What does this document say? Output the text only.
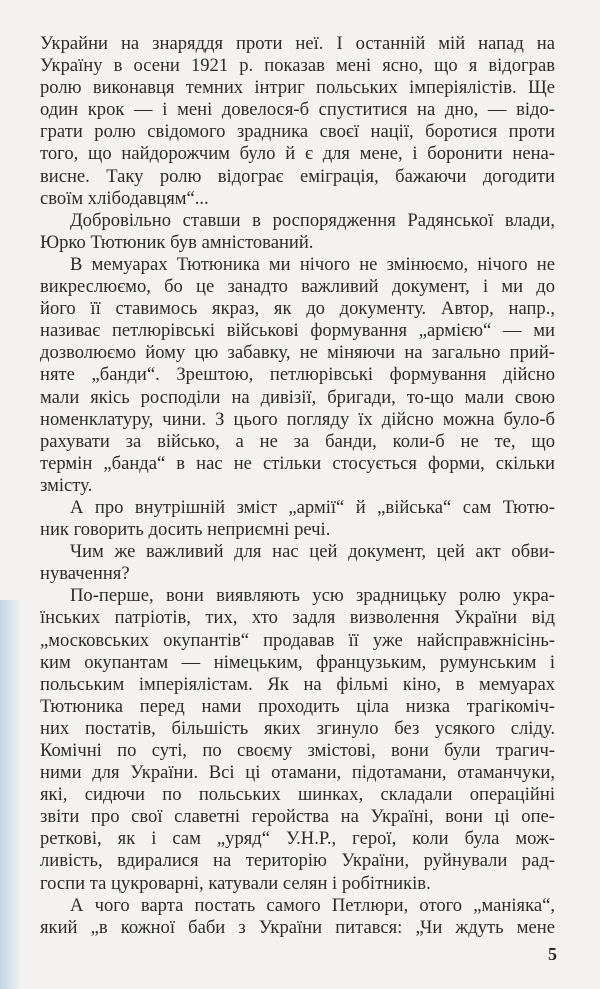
Украйни на знаряддя проти неї. І останній мій напад на
Україну в осени 1921 р. показав мені ясно, що я відограв
ролю виконавця темних інтриг польських імперіялістів. Ще
один крок — і мені довелося-б спуститися на дно, — відо-
грати ролю свідомого зрадника своєї нації, боротися проти
того, що найдорожчим було й є для мене, і боронити нена-
висне. Таку ролю відограє еміграція, бажаючи догодити
своїм хлібодавцям“...
Добровільно ставши в роспорядження Радянської влади,
Юрко Тютюник був амністований.
В мемуарах Тютюника ми нічого не змінюємо, нічого не
викреслюємо, бо це занадто важливий документ, і ми до
його її ставимось якраз, як до документу. Автор, напр.,
називає петлюрівські військові формування „армією“ — ми
дозволюємо йому цю забавку, не міняючи на загально прий-
няте „банди“. Зрештою, петлюрівські формування дійсно
мали якісь росподіли на дивізії, бригади, то-що мали свою
номенклатуру, чини. З цього погляду їх дійсно можна було-б
рахувати за військо, а не за банди, коли-б не те, що
термін „банда“ в нас не стільки стосується форми, скільки
змісту.
А про внутрішній зміст „армії“ й „війська“ сам Тютю-
ник говорить досить неприємні речі.
Чим же важливий для нас цей документ, цей акт обви-
нувачення?
По-перше, вони виявляють усю зрадницьку ролю укра-
їнських патріотів, тих, хто задля визволення України від
„московських окупантів“ продавав її уже найсправжнісінь-
ким окупантам — німецьким, французьким, румунським і
польським імперіялістам. Як на фільмі кіно, в мемуарах
Тютюника перед нами проходить ціла низка трагікоміч-
них постатів, більшість яких згинуло без усякого сліду.
Комічні по суті, по своєму змістові, вони були трагич-
ними для України. Всі ці отамани, підотамани, отаманчуки,
які, сидючи по польських шинках, складали операційні
звіти про свої славетні геройства на Україні, вони ці опе-
реткові, як і сам „уряд“ У.Н.Р., герої, коли була мож-
ливість, вдиралися на територію України, руйнували рад-
госпи та цукроварні, катували селян і робітників.
А чого варта постать самого Петлюри, отого „маніяка“,
який „в кожної баби з України питався: „Чи ждуть мене
5
